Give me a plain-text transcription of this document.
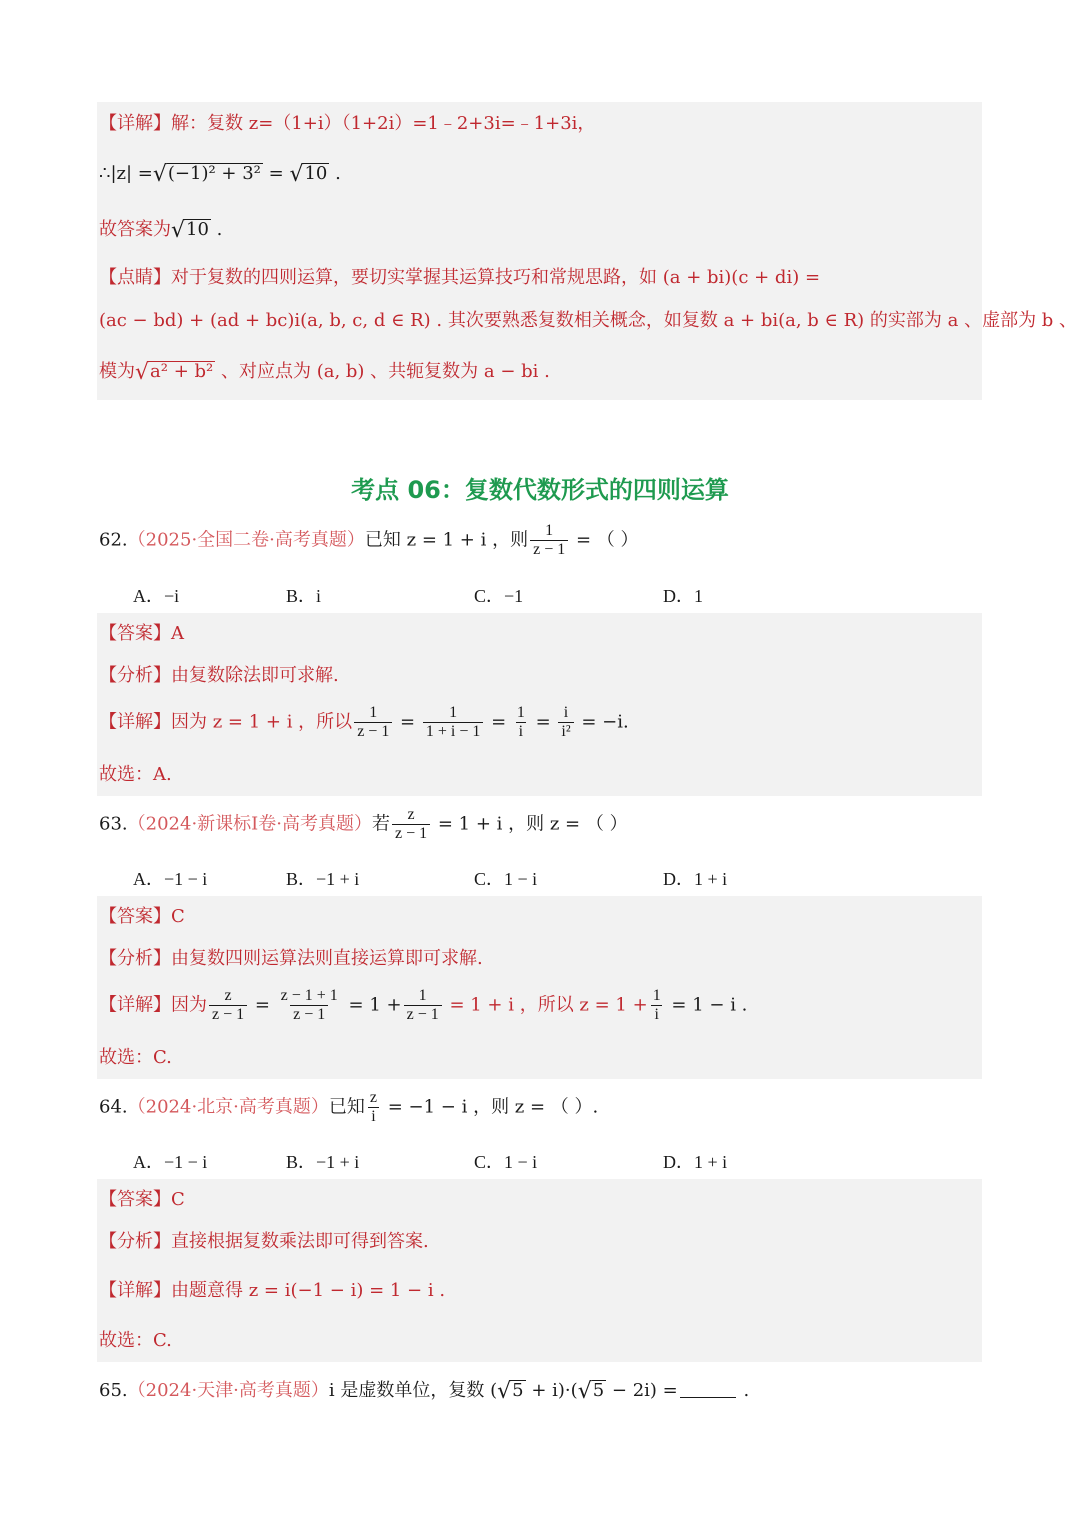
【详解】解：复数 z=（1+i）（1+2i）=1﹣2+3i=﹣1+3i，
∴|z| =√(−1)² + 3² = √10 .
故答案为√10 .
【点睛】对于复数的四则运算，要切实掌握其运算技巧和常规思路，如 (a + bi)(c + di) =
(ac − bd) + (ad + bc)i(a, b, c, d ∈ R) . 其次要熟悉复数相关概念，如复数 a + bi(a, b ∈ R) 的实部为 a 、虚部为 b 、
模为√a² + b² 、对应点为 (a, b) 、共轭复数为 a − bi .
考点 06：复数代数形式的四则运算
62.（2025·全国二卷·高考真题）已知 z = 1 + i ，则 $\frac{1}{z - 1}$ = （ ）
A．−i	B．i	C．−1	D．1
【答案】A
【分析】由复数除法即可求解.
【详解】因为 z = 1 + i ，所以 $\frac{1}{z - 1} = \frac{1}{1 + i - 1} = \frac{1}{i} = \frac{i}{\text{i²}} = -i$.
故选：A.
63.（2024·新课标Ⅰ卷·高考真题）若 $\frac{z}{z - 1} = 1 + i$ ，则 z = （ ）
A．−1 − i	B．−1 + i	C．1 − i	D．1 + i
【答案】C
【分析】由复数四则运算法则直接运算即可求解.
【详解】因为 $\frac{z}{z - 1} = \frac{z - 1 + 1}{z - 1} = 1 + \frac{1}{z - 1} = 1 + i$ ，所以 $z = 1 + \frac{1}{i} = 1 - i$ .
故选：C.
64.（2024·北京·高考真题）已知 $\frac{z}{i} = -1 - i$ ，则 z = （ ）.
A．−1 − i	B．−1 + i	C．1 − i	D．1 + i
【答案】C
【分析】直接根据复数乘法即可得到答案.
【详解】由题意得 z = i(−1 − i) = 1 − i .
故选：C.
65.（2024·天津·高考真题）i 是虚数单位，复数 (√5 + i)·(√5 − 2i) =	.
